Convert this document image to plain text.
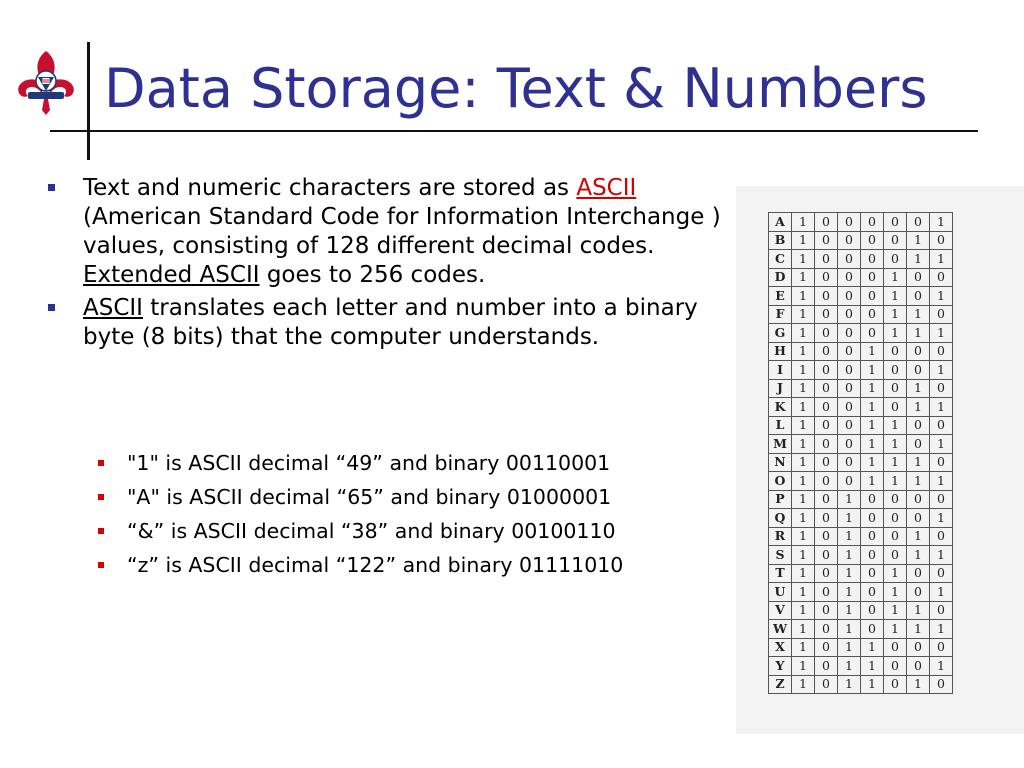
Data Storage: Text & Numbers
Text and numeric characters are stored as ASCII (American Standard Code for Information Interchange ) values, consisting of 128 different decimal codes. Extended ASCII goes to 256 codes.
ASCII translates each letter and number into a binary byte (8 bits) that the computer understands.
"1" is ASCII decimal “49” and binary 00110001
"A" is ASCII decimal “65” and binary 01000001
“&” is ASCII decimal “38” and binary 00100110
“z” is ASCII decimal “122” and binary 01111010
A	1	0	0	0	0	0	1
B	1	0	0	0	0	1	0
C	1	0	0	0	0	1	1
D	1	0	0	0	1	0	0
E	1	0	0	0	1	0	1
F	1	0	0	0	1	1	0
G	1	0	0	0	1	1	1
H	1	0	0	1	0	0	0
I	1	0	0	1	0	0	1
J	1	0	0	1	0	1	0
K	1	0	0	1	0	1	1
L	1	0	0	1	1	0	0
M	1	0	0	1	1	0	1
N	1	0	0	1	1	1	0
O	1	0	0	1	1	1	1
P	1	0	1	0	0	0	0
Q	1	0	1	0	0	0	1
R	1	0	1	0	0	1	0
S	1	0	1	0	0	1	1
T	1	0	1	0	1	0	0
U	1	0	1	0	1	0	1
V	1	0	1	0	1	1	0
W	1	0	1	0	1	1	1
X	1	0	1	1	0	0	0
Y	1	0	1	1	0	0	1
Z	1	0	1	1	0	1	0
